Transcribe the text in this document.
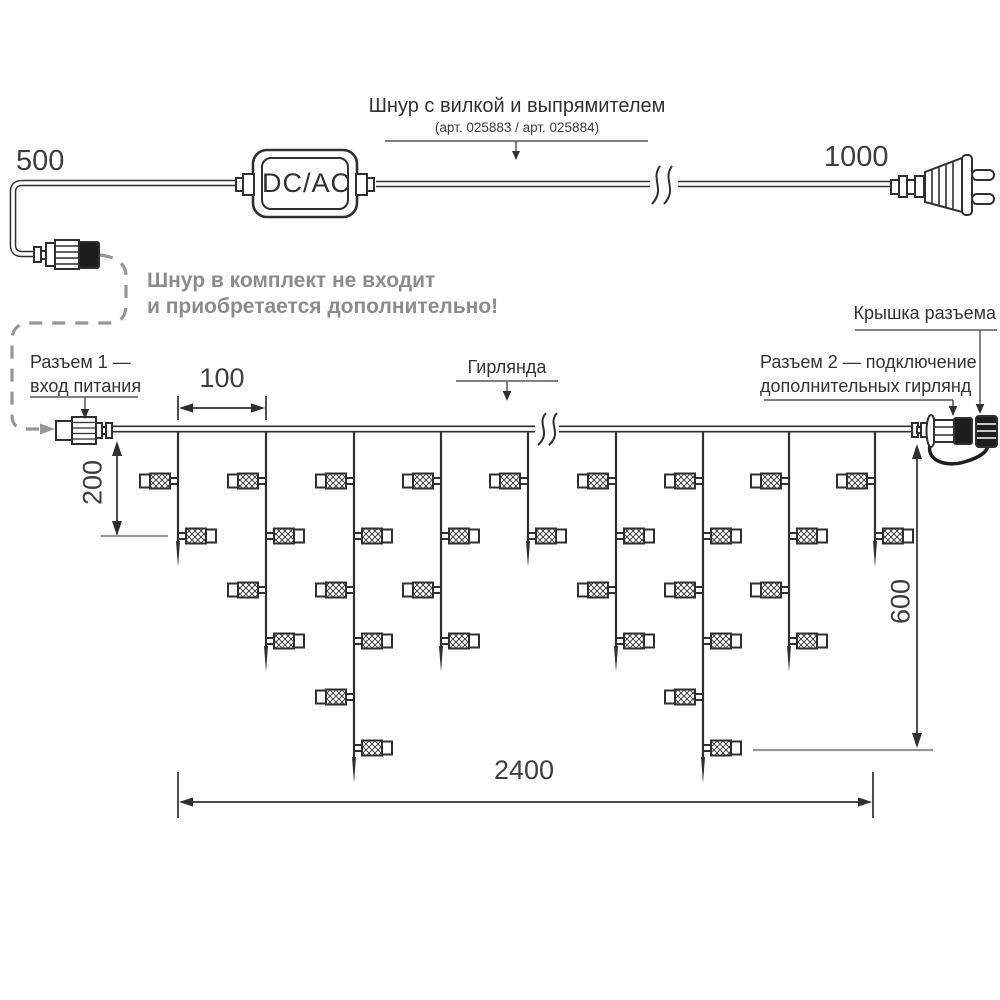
500	1000
Шнур с вилкой и выпрямителем
(арт. 025883 / арт. 025884)
DC/AC
Шнур в комплект не входит
и приобретается дополнительно!
Разъем 1 —
вход питания
Гирлянда	Разъем 2 — подключение
дополнительных гирлянд
Крышка разъема
100
200
600
2400
